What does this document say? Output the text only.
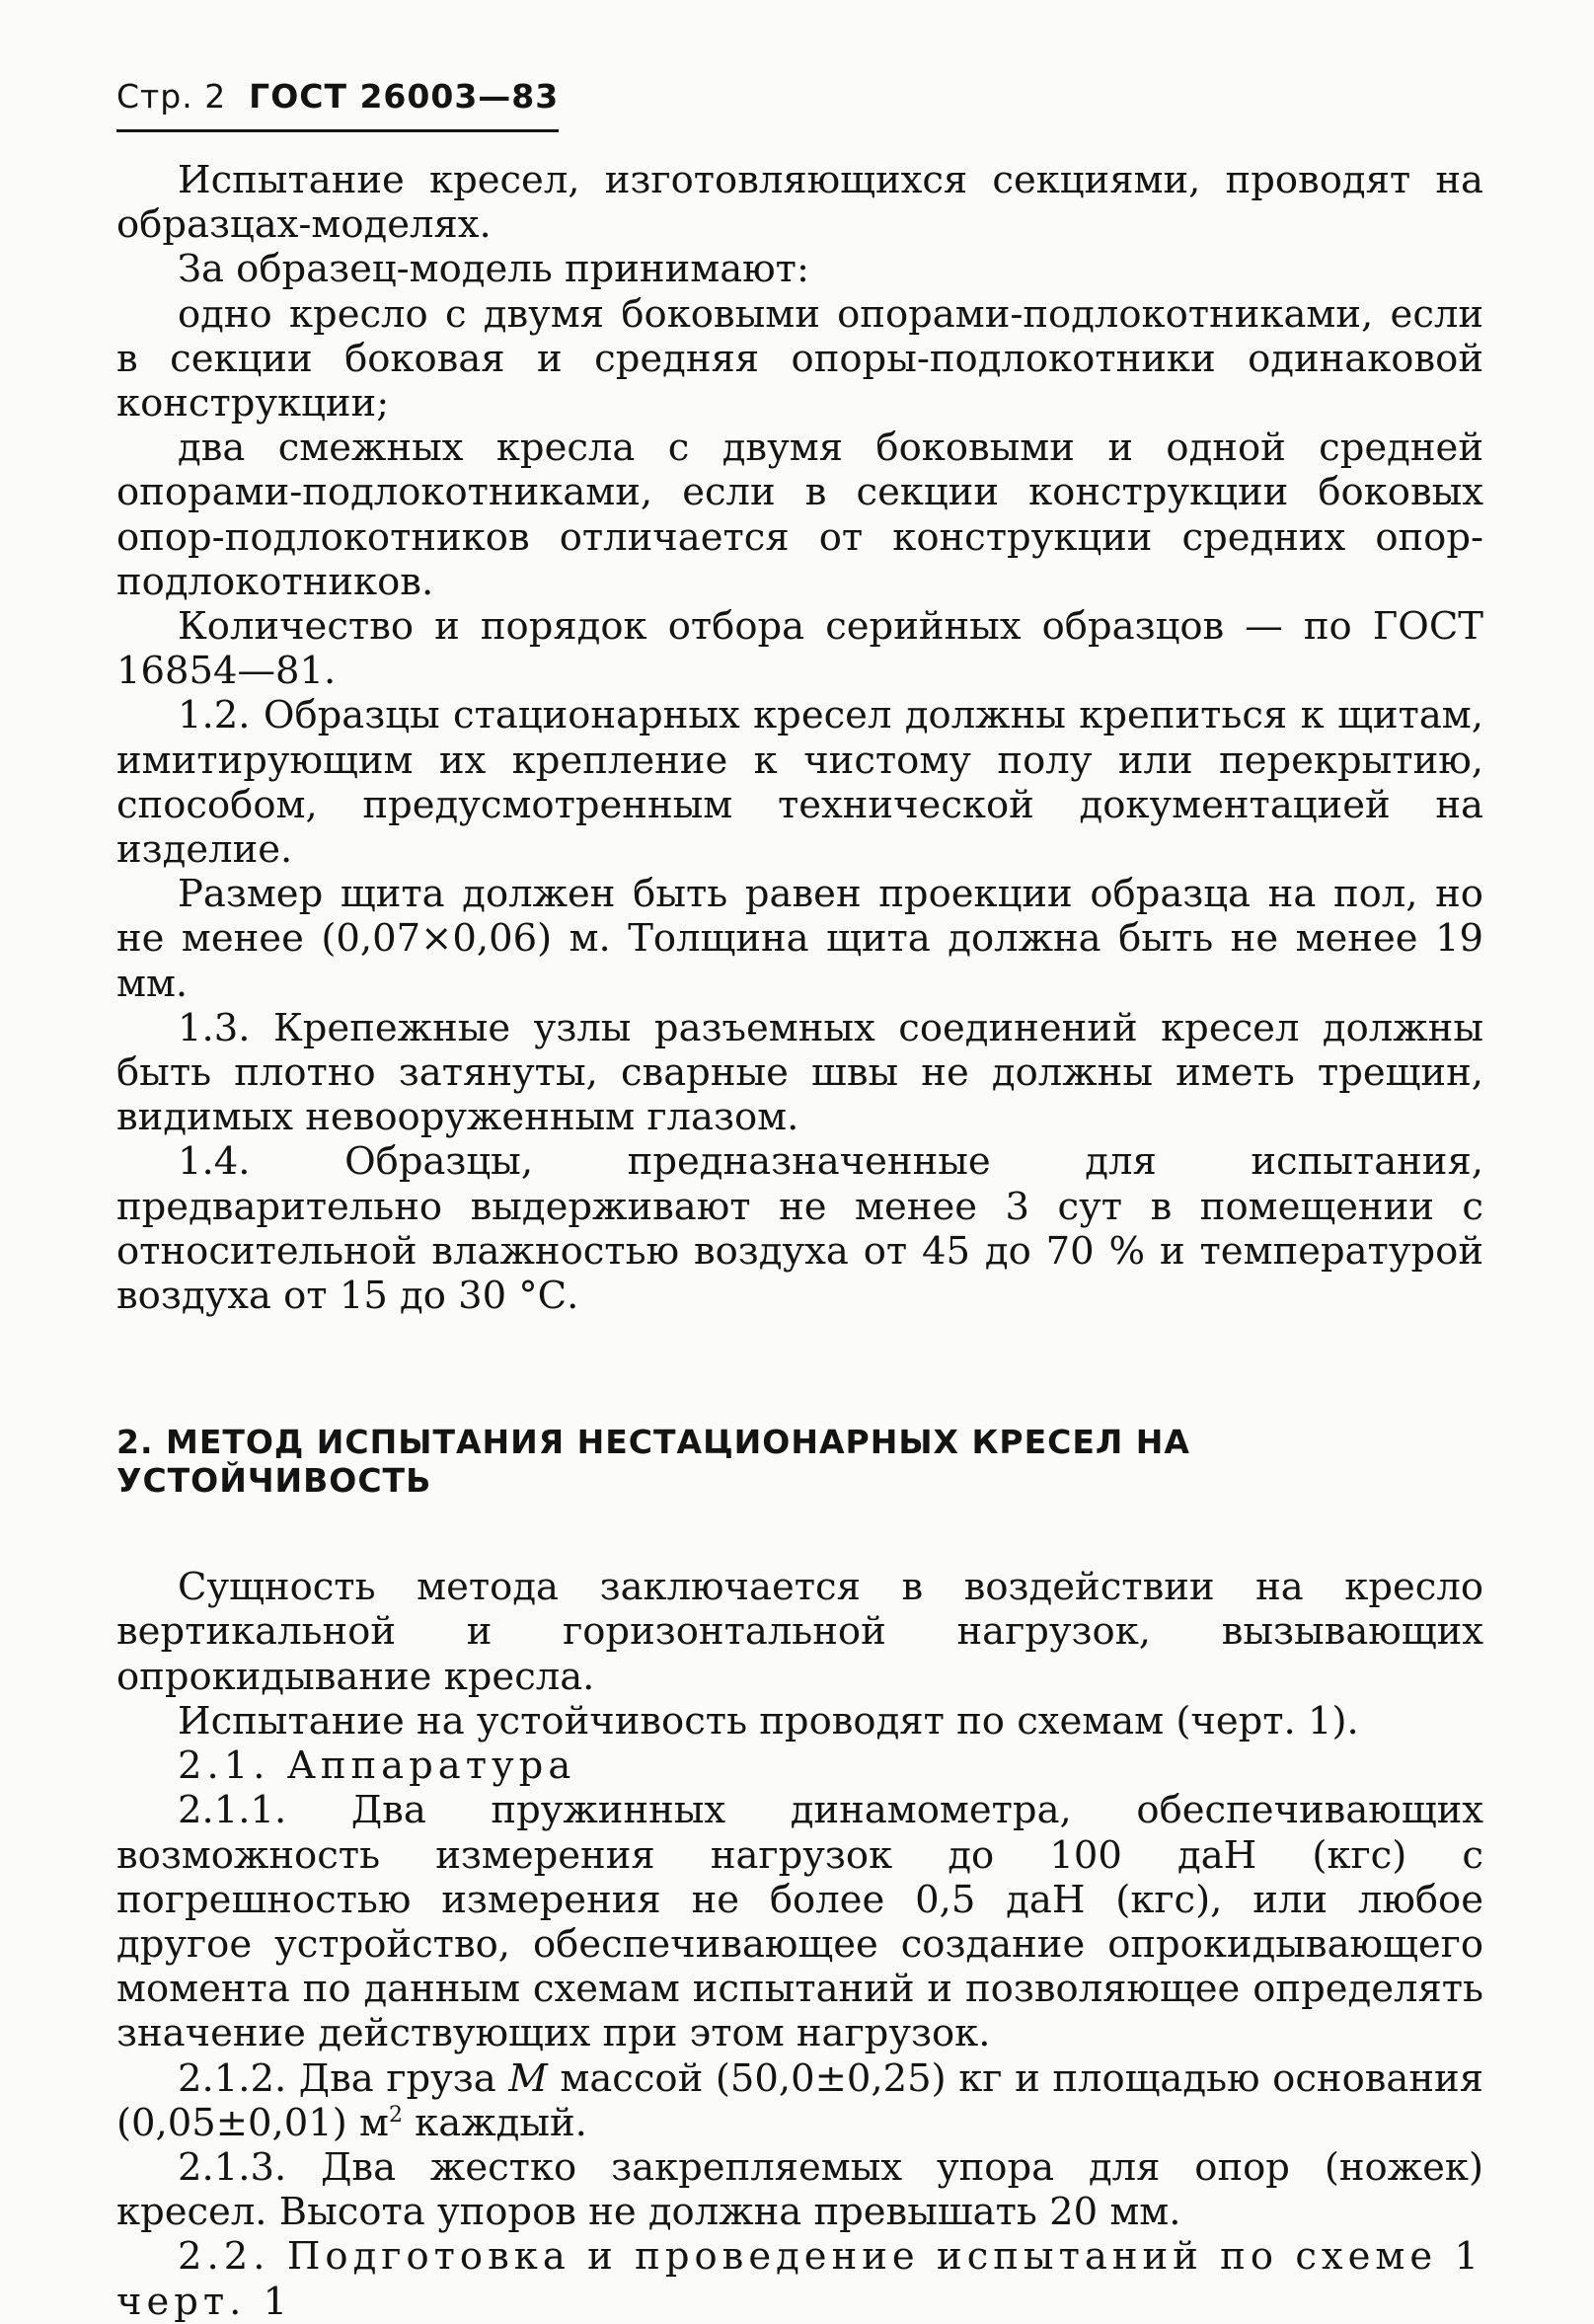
Стр. 2 ГОСТ 26003—83

Испытание кресел, изготовляющихся секциями, проводят на образцах-моделях.

За образец-модель принимают:

одно кресло с двумя боковыми опорами-подлокотниками, если в секции боковая и средняя опоры-подлокотники одинаковой конструкции;

два смежных кресла с двумя боковыми и одной средней опорами-подлокотниками, если в секции конструкции боковых опор-подлокотников отличается от конструкции средних опор-подлокотников.

Количество и порядок отбора серийных образцов — по ГОСТ 16854—81.

1.2. Образцы стационарных кресел должны крепиться к щитам, имитирующим их крепление к чистому полу или перекрытию, способом, предусмотренным технической документацией на изделие.

Размер щита должен быть равен проекции образца на пол, но не менее (0,07×0,06) м. Толщина щита должна быть не менее 19 мм.

1.3. Крепежные узлы разъемных соединений кресел должны быть плотно затянуты, сварные швы не должны иметь трещин, видимых невооруженным глазом.

1.4. Образцы, предназначенные для испытания, предварительно выдерживают не менее 3 сут в помещении с относительной влажностью воздуха от 45 до 70 % и температурой воздуха от 15 до 30 °С.

2. МЕТОД ИСПЫТАНИЯ НЕСТАЦИОНАРНЫХ КРЕСЕЛ НА УСТОЙЧИВОСТЬ

Сущность метода заключается в воздействии на кресло вертикальной и горизонтальной нагрузок, вызывающих опрокидывание кресла.

Испытание на устойчивость проводят по схемам (черт. 1).

2.1. Аппаратура

2.1.1. Два пружинных динамометра, обеспечивающих возможность измерения нагрузок до 100 даН (кгс) с погрешностью измерения не более 0,5 даН (кгс), или любое другое устройство, обеспечивающее создание опрокидывающего момента по данным схемам испытаний и позволяющее определять значение действующих при этом нагрузок.

2.1.2. Два груза М массой (50,0±0,25) кг и площадью основания (0,05±0,01) $м^2$ каждый.

2.1.3. Два жестко закрепляемых упора для опор (ножек) кресел. Высота упоров не должна превышать 20 мм.

2.2. Подготовка и проведение испытаний по схеме 1 черт. 1
